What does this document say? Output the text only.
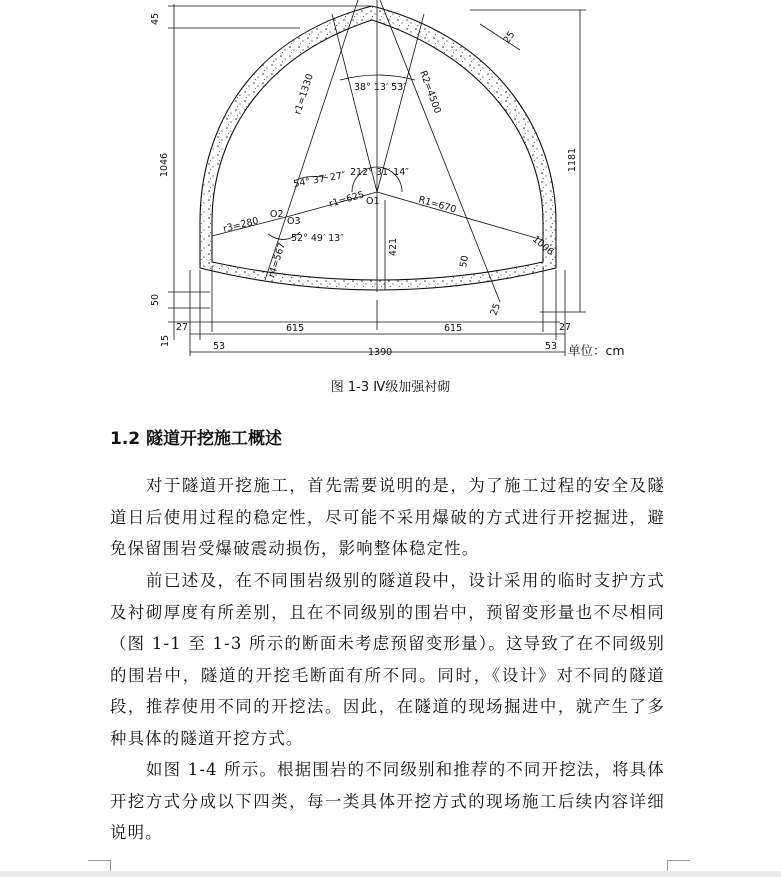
45
25
1046	1181
50
15
27	27
615	615
53	53
1390
421
50
25
1006
38° 13′ 53″
212° 31′ 14″
54° 37′ 27″
52° 49′ 13″
r1=1330	R2=4500
r1=625
r3=280
r4=567
R1=670
O1
O2
O3
单位：cm
图 1-3 Ⅳ级加强衬砌
1.2 隧道开挖施工概述

对于隧道开挖施工，首先需要说明的是，为了施工过程的安全及隧道日后使用过程的稳定性，尽可能不采用爆破的方式进行开挖掘进，避免保留围岩受爆破震动损伤，影响整体稳定性。

前已述及，在不同围岩级别的隧道段中，设计采用的临时支护方式及衬砌厚度有所差别，且在不同级别的围岩中，预留变形量也不尽相同（图 1-1 至 1-3 所示的断面未考虑预留变形量）。这导致了在不同级别的围岩中，隧道的开挖毛断面有所不同。同时，《设计》对不同的隧道段，推荐使用不同的开挖法。因此，在隧道的现场掘进中，就产生了多种具体的隧道开挖方式。

如图 1-4 所示。根据围岩的不同级别和推荐的不同开挖法，将具体开挖方式分成以下四类，每一类具体开挖方式的现场施工后续内容详细说明。
